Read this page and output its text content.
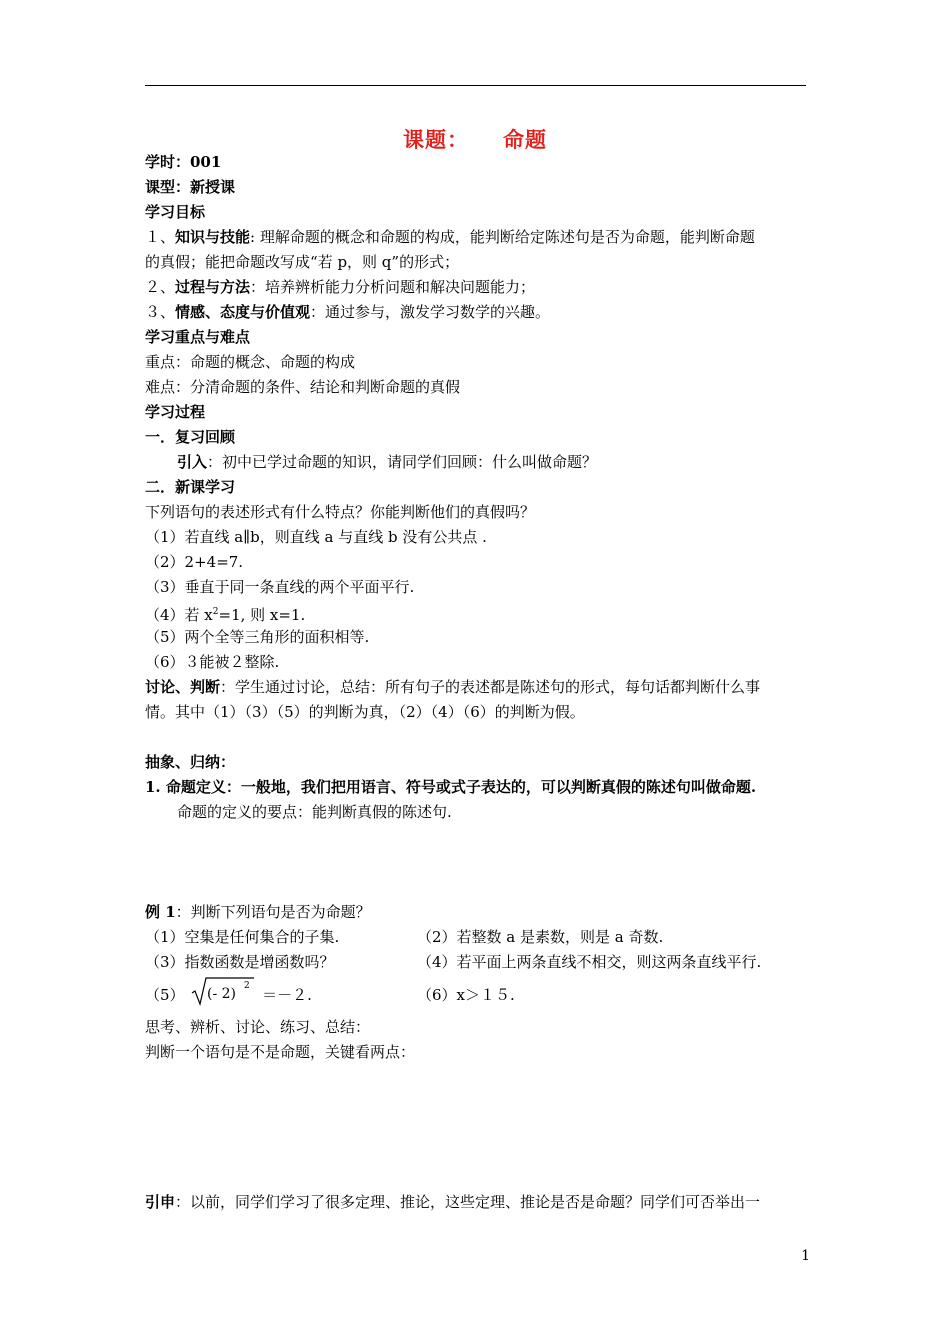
课题： 命题
学时：001
课型：新授课
学习目标
１、知识与技能: 理解命题的概念和命题的构成，能判断给定陈述句是否为命题，能判断命题
的真假；能把命题改写成“若 p，则 q”的形式；
２、过程与方法：培养辨析能力分析问题和解决问题能力；
３、情感、态度与价值观：通过参与，激发学习数学的兴趣。
学习重点与难点
重点：命题的概念、命题的构成
难点：分清命题的条件、结论和判断命题的真假
学习过程
一．复习回顾
引入：初中已学过命题的知识，请同学们回顾：什么叫做命题？
二．新课学习
下列语句的表述形式有什么特点？你能判断他们的真假吗？
（1）若直线 a∥b，则直线 a 与直线 b 没有公共点 .
（2）2+4=7.
（3）垂直于同一条直线的两个平面平行.
（4）若 $x^2=1$, 则 x=1.
（5）两个全等三角形的面积相等.
（6）３能被２整除.
讨论、判断：学生通过讨论，总结：所有句子的表述都是陈述句的形式，每句话都判断什么事
情。其中（1）（3）（5）的判断为真，（2）（4）（6）的判断为假。
抽象、归纳：
1. 命题定义：一般地，我们把用语言、符号或式子表达的，可以判断真假的陈述句叫做命题.
命题的定义的要点：能判断真假的陈述句.
例 1：判断下列语句是否为命题？
（1）空集是任何集合的子集.	（2）若整数 a 是素数，则是 a 奇数.
（3）指数函数是增函数吗？	（4）若平面上两条直线不相交，则这两条直线平行.
（5） (- 2) 2 ＝－２.	（6）x＞１５.
思考、辨析、讨论、练习、总结：
判断一个语句是不是命题，关键看两点：
引申：以前，同学们学习了很多定理、推论，这些定理、推论是否是命题？同学们可否举出一
1
